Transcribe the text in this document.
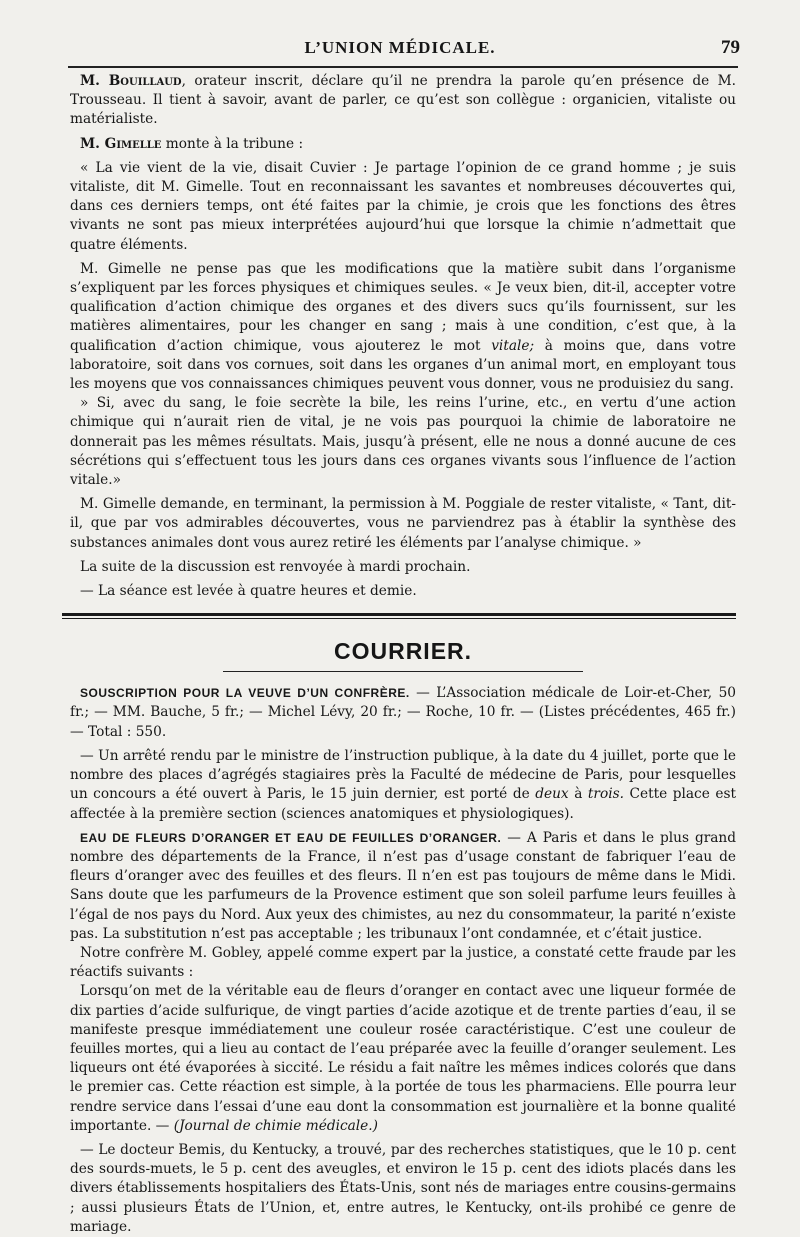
L’UNION MÉDICALE.	79

M. Bouillaud, orateur inscrit, déclare qu’il ne prendra la parole qu’en présence de M. Trousseau. Il tient à savoir, avant de parler, ce qu’est son collègue : organicien, vitaliste ou matérialiste.

M. Gimelle monte à la tribune :

« La vie vient de la vie, disait Cuvier : Je partage l’opinion de ce grand homme ; je suis vitaliste, dit M. Gimelle. Tout en reconnaissant les savantes et nombreuses découvertes qui, dans ces derniers temps, ont été faites par la chimie, je crois que les fonctions des êtres vivants ne sont pas mieux interprétées aujourd’hui que lorsque la chimie n’admettait que quatre éléments.

M. Gimelle ne pense pas que les modifications que la matière subit dans l’organisme s’expliquent par les forces physiques et chimiques seules. « Je veux bien, dit-il, accepter votre qualification d’action chimique des organes et des divers sucs qu’ils fournissent, sur les matières alimentaires, pour les changer en sang ; mais à une condition, c’est que, à la qualification d’action chimique, vous ajouterez le mot vitale; à moins que, dans votre laboratoire, soit dans vos cornues, soit dans les organes d’un animal mort, en employant tous les moyens que vos connaissances chimiques peuvent vous donner, vous ne produisiez du sang.

» Si, avec du sang, le foie secrète la bile, les reins l’urine, etc., en vertu d’une action chimique qui n’aurait rien de vital, je ne vois pas pourquoi la chimie de laboratoire ne donnerait pas les mêmes résultats. Mais, jusqu’à présent, elle ne nous a donné aucune de ces sécrétions qui s’effectuent tous les jours dans ces organes vivants sous l’influence de l’action vitale.»

M. Gimelle demande, en terminant, la permission à M. Poggiale de rester vitaliste, « Tant, dit-il, que par vos admirables découvertes, vous ne parviendrez pas à établir la synthèse des substances animales dont vous aurez retiré les éléments par l’analyse chimique. »

La suite de la discussion est renvoyée à mardi prochain.

— La séance est levée à quatre heures et demie.

COURRIER.

SOUSCRIPTION POUR LA VEUVE D’UN CONFRÈRE. — L’Association médicale de Loir-et-Cher, 50 fr.; — MM. Bauche, 5 fr.; — Michel Lévy, 20 fr.; — Roche, 10 fr. — (Listes précédentes, 465 fr.) — Total : 550.

— Un arrêté rendu par le ministre de l’instruction publique, à la date du 4 juillet, porte que le nombre des places d’agrégés stagiaires près la Faculté de médecine de Paris, pour lesquelles un concours a été ouvert à Paris, le 15 juin dernier, est porté de deux à trois. Cette place est affectée à la première section (sciences anatomiques et physiologiques).

EAU DE FLEURS D’ORANGER ET EAU DE FEUILLES D’ORANGER. — A Paris et dans le plus grand nombre des départements de la France, il n’est pas d’usage constant de fabriquer l’eau de fleurs d’oranger avec des feuilles et des fleurs. Il n’en est pas toujours de même dans le Midi. Sans doute que les parfumeurs de la Provence estiment que son soleil parfume leurs feuilles à l’égal de nos pays du Nord. Aux yeux des chimistes, au nez du consommateur, la parité n’existe pas. La substitution n’est pas acceptable ; les tribunaux l’ont condamnée, et c’était justice.

Notre confrère M. Gobley, appelé comme expert par la justice, a constaté cette fraude par les réactifs suivants :

Lorsqu’on met de la véritable eau de fleurs d’oranger en contact avec une liqueur formée de dix parties d’acide sulfurique, de vingt parties d’acide azotique et de trente parties d’eau, il se manifeste presque immédiatement une couleur rosée caractéristique. C’est une couleur de feuilles mortes, qui a lieu au contact de l’eau préparée avec la feuille d’oranger seulement. Les liqueurs ont été évaporées à siccité. Le résidu a fait naître les mêmes indices colorés que dans le premier cas. Cette réaction est simple, à la portée de tous les pharmaciens. Elle pourra leur rendre service dans l’essai d’une eau dont la consommation est journalière et la bonne qualité importante. — (Journal de chimie médicale.)

— Le docteur Bemis, du Kentucky, a trouvé, par des recherches statistiques, que le 10 p. cent des sourds-muets, le 5 p. cent des aveugles, et environ le 15 p. cent des idiots placés dans les divers établissements hospitaliers des États-Unis, sont nés de mariages entre cousins-germains ; aussi plusieurs États de l’Union, et, entre autres, le Kentucky, ont-ils prohibé ce genre de mariage.
